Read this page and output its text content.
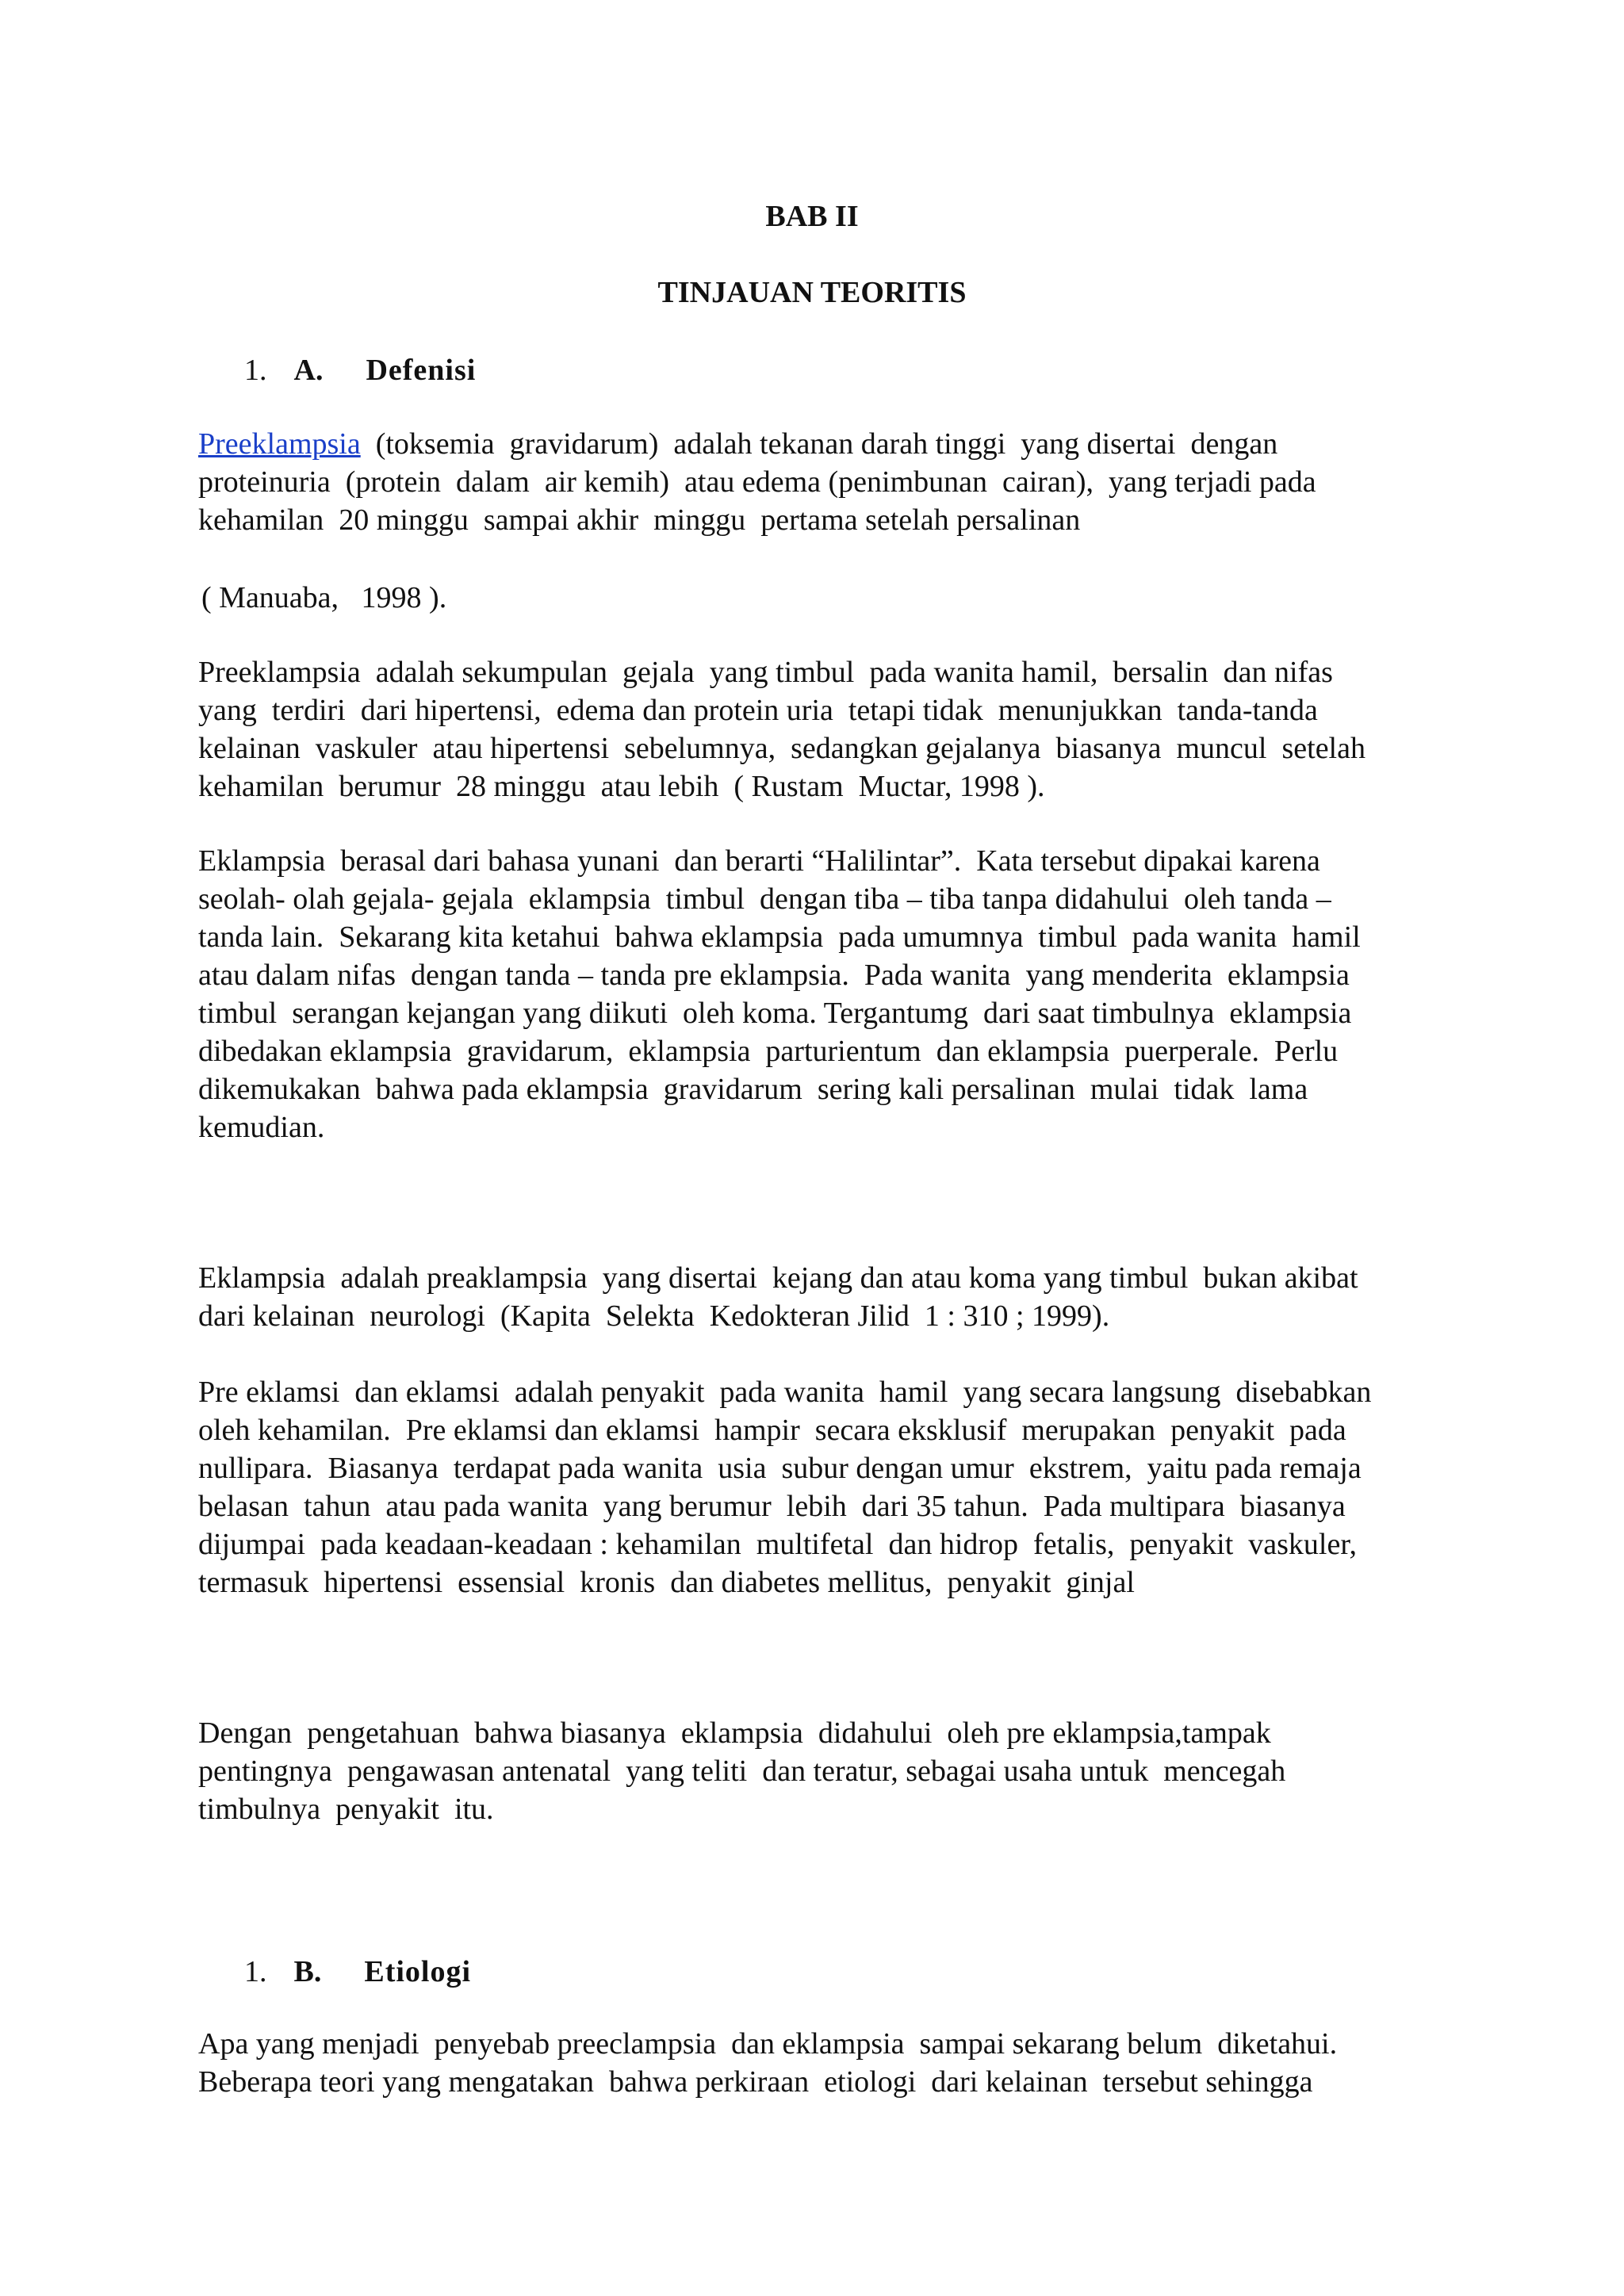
BAB II
TINJAUAN TEORITIS
1. A. Defenisi
Preeklampsia  (toksemia  gravidarum)  adalah tekanan darah tinggi  yang disertai  dengan
proteinuria  (protein  dalam  air kemih)  atau edema (penimbunan  cairan),  yang terjadi pada
kehamilan  20 minggu  sampai akhir  minggu  pertama setelah persalinan
( Manuaba,   1998 ).
Preeklampsia  adalah sekumpulan  gejala  yang timbul  pada wanita hamil,  bersalin  dan nifas
yang  terdiri  dari hipertensi,  edema dan protein uria  tetapi tidak  menunjukkan  tanda-tanda
kelainan  vaskuler  atau hipertensi  sebelumnya,  sedangkan gejalanya  biasanya  muncul  setelah
kehamilan  berumur  28 minggu  atau lebih  ( Rustam  Muctar, 1998 ).
Eklampsia  berasal dari bahasa yunani  dan berarti “Halilintar”.  Kata tersebut dipakai karena
seolah- olah gejala- gejala  eklampsia  timbul  dengan tiba – tiba tanpa didahului  oleh tanda –
tanda lain.  Sekarang kita ketahui  bahwa eklampsia  pada umumnya  timbul  pada wanita  hamil
atau dalam nifas  dengan tanda – tanda pre eklampsia.  Pada wanita  yang menderita  eklampsia
timbul  serangan kejangan yang diikuti  oleh koma. Tergantumg  dari saat timbulnya  eklampsia
dibedakan eklampsia  gravidarum,  eklampsia  parturientum  dan eklampsia  puerperale.  Perlu
dikemukakan  bahwa pada eklampsia  gravidarum  sering kali persalinan  mulai  tidak  lama
kemudian.
Eklampsia  adalah preaklampsia  yang disertai  kejang dan atau koma yang timbul  bukan akibat
dari kelainan  neurologi  (Kapita  Selekta  Kedokteran Jilid  1 : 310 ; 1999).
Pre eklamsi  dan eklamsi  adalah penyakit  pada wanita  hamil  yang secara langsung  disebabkan
oleh kehamilan.  Pre eklamsi dan eklamsi  hampir  secara eksklusif  merupakan  penyakit  pada
nullipara.  Biasanya  terdapat pada wanita  usia  subur dengan umur  ekstrem,  yaitu pada remaja
belasan  tahun  atau pada wanita  yang berumur  lebih  dari 35 tahun.  Pada multipara  biasanya
dijumpai  pada keadaan-keadaan : kehamilan  multifetal  dan hidrop  fetalis,  penyakit  vaskuler,
termasuk  hipertensi  essensial  kronis  dan diabetes mellitus,  penyakit  ginjal
Dengan  pengetahuan  bahwa biasanya  eklampsia  didahului  oleh pre eklampsia,tampak
pentingnya  pengawasan antenatal  yang teliti  dan teratur, sebagai usaha untuk  mencegah
timbulnya  penyakit  itu.
1. B. Etiologi
Apa yang menjadi  penyebab preeclampsia  dan eklampsia  sampai sekarang belum  diketahui.
Beberapa teori yang mengatakan  bahwa perkiraan  etiologi  dari kelainan  tersebut sehingga
